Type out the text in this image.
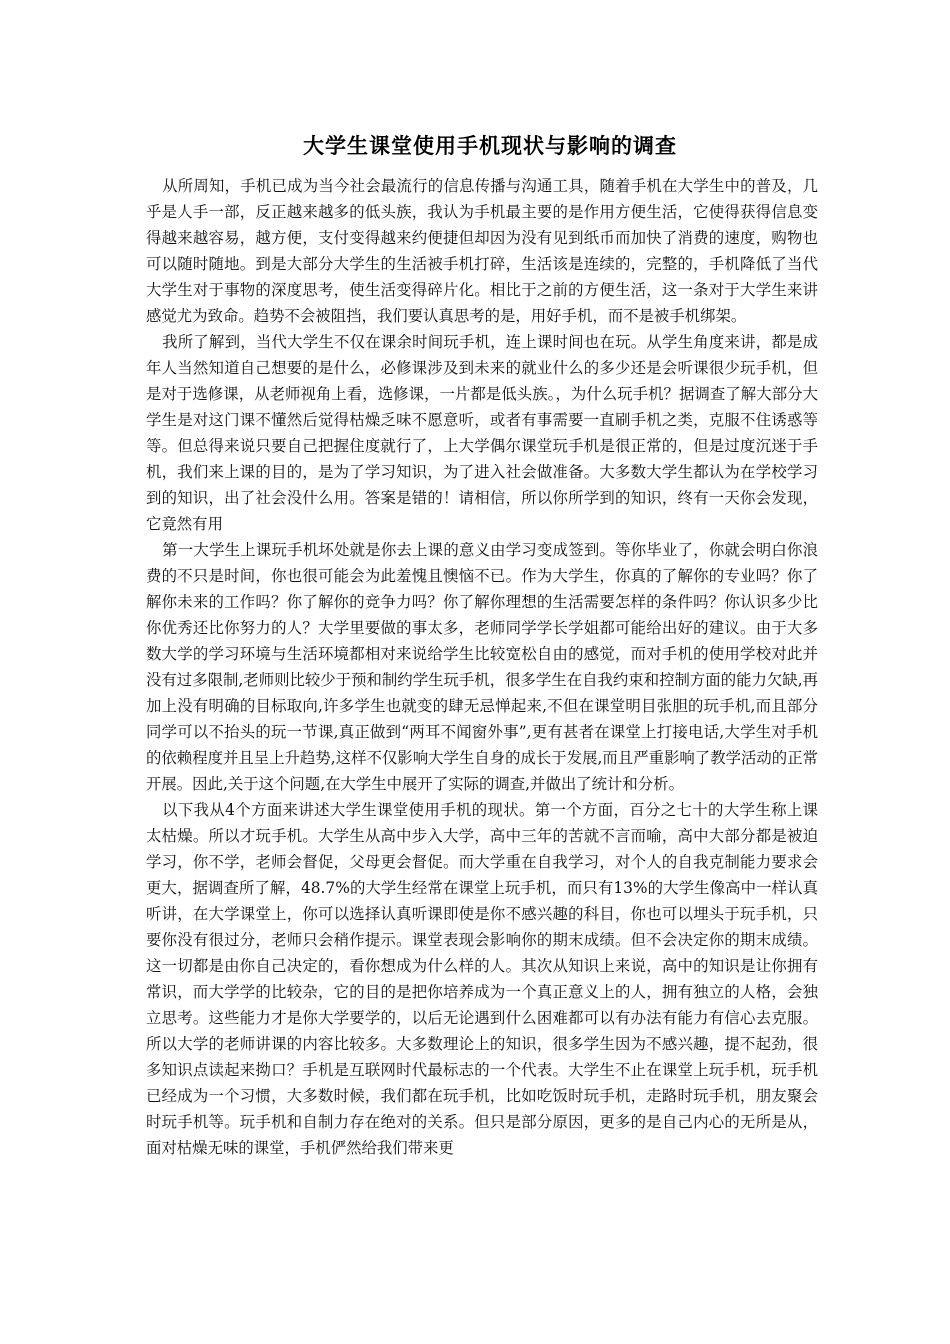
大学生课堂使用手机现状与影响的调查

从所周知，手机已成为当今社会最流行的信息传播与沟通工具，随着手机在大学生中的普及，几乎是人手一部，反正越来越多的低头族，我认为手机最主要的是作用方便生活，它使得获得信息变得越来越容易，越方便，支付变得越来约便捷但却因为没有见到纸币而加快了消费的速度，购物也可以随时随地。到是大部分大学生的生活被手机打碎，生活该是连续的，完整的，手机降低了当代大学生对于事物的深度思考，使生活变得碎片化。相比于之前的方便生活，这一条对于大学生来讲感觉尤为致命。趋势不会被阻挡，我们要认真思考的是，用好手机，而不是被手机绑架。

我所了解到，当代大学生不仅在课余时间玩手机，连上课时间也在玩。从学生角度来讲，都是成年人当然知道自己想要的是什么，必修课涉及到未来的就业什么的多少还是会听课很少玩手机，但是对于选修课，从老师视角上看，选修课，一片都是低头族。，为什么玩手机？据调查了解大部分大学生是对这门课不懂然后觉得枯燥乏味不愿意听，或者有事需要一直刷手机之类，克服不住诱惑等等。但总得来说只要自己把握住度就行了，上大学偶尔课堂玩手机是很正常的，但是过度沉迷于手机，我们来上课的目的，是为了学习知识，为了进入社会做准备。大多数大学生都认为在学校学习到的知识，出了社会没什么用。答案是错的！请相信，所以你所学到的知识，终有一天你会发现，它竟然有用

第一大学生上课玩手机坏处就是你去上课的意义由学习变成签到。等你毕业了，你就会明白你浪费的不只是时间，你也很可能会为此羞愧且懊恼不已。作为大学生，你真的了解你的专业吗？你了解你未来的工作吗？你了解你的竞争力吗？你了解你理想的生活需要怎样的条件吗？你认识多少比你优秀还比你努力的人？大学里要做的事太多，老师同学学长学姐都可能给出好的建议。由于大多数大学的学习环境与生活环境都相对来说给学生比较宽松自由的感觉，而对手机的使用学校对此并没有过多限制,老师则比较少于预和制约学生玩手机，很多学生在自我约束和控制方面的能力欠缺,再加上没有明确的目标取向,许多学生也就变的肆无忌惮起来,不但在课堂明目张胆的玩手机,而且部分同学可以不抬头的玩一节课,真正做到“两耳不闻窗外事”,更有甚者在课堂上打接电话,大学生对手机的依赖程度并且呈上升趋势,这样不仅影响大学生自身的成长于发展,而且严重影响了教学活动的正常开展。因此,关于这个问题,在大学生中展开了实际的调查,并做出了统计和分析。

以下我从4个方面来讲述大学生课堂使用手机的现状。第一个方面，百分之七十的大学生称上课太枯燥。所以才玩手机。大学生从高中步入大学，高中三年的苦就不言而喻，高中大部分都是被迫学习，你不学，老师会督促，父母更会督促。而大学重在自我学习，对个人的自我克制能力要求会更大，据调查所了解，48.7%的大学生经常在课堂上玩手机，而只有13%的大学生像高中一样认真听讲，在大学课堂上，你可以选择认真听课即使是你不感兴趣的科目，你也可以埋头于玩手机，只要你没有很过分，老师只会稍作提示。课堂表现会影响你的期末成绩。但不会决定你的期末成绩。这一切都是由你自己决定的，看你想成为什么样的人。其次从知识上来说，高中的知识是让你拥有常识，而大学学的比较杂，它的目的是把你培养成为一个真正意义上的人，拥有独立的人格，会独立思考。这些能力才是你大学要学的，以后无论遇到什么困难都可以有办法有能力有信心去克服。所以大学的老师讲课的内容比较多。大多数理论上的知识，很多学生因为不感兴趣，提不起劲，很多知识点读起来拗口？手机是互联网时代最标志的一个代表。大学生不止在课堂上玩手机，玩手机已经成为一个习惯，大多数时候，我们都在玩手机，比如吃饭时玩手机，走路时玩手机，朋友聚会时玩手机等。玩手机和自制力存在绝对的关系。但只是部分原因，更多的是自己内心的无所是从，面对枯燥无味的课堂，手机俨然给我们带来更
